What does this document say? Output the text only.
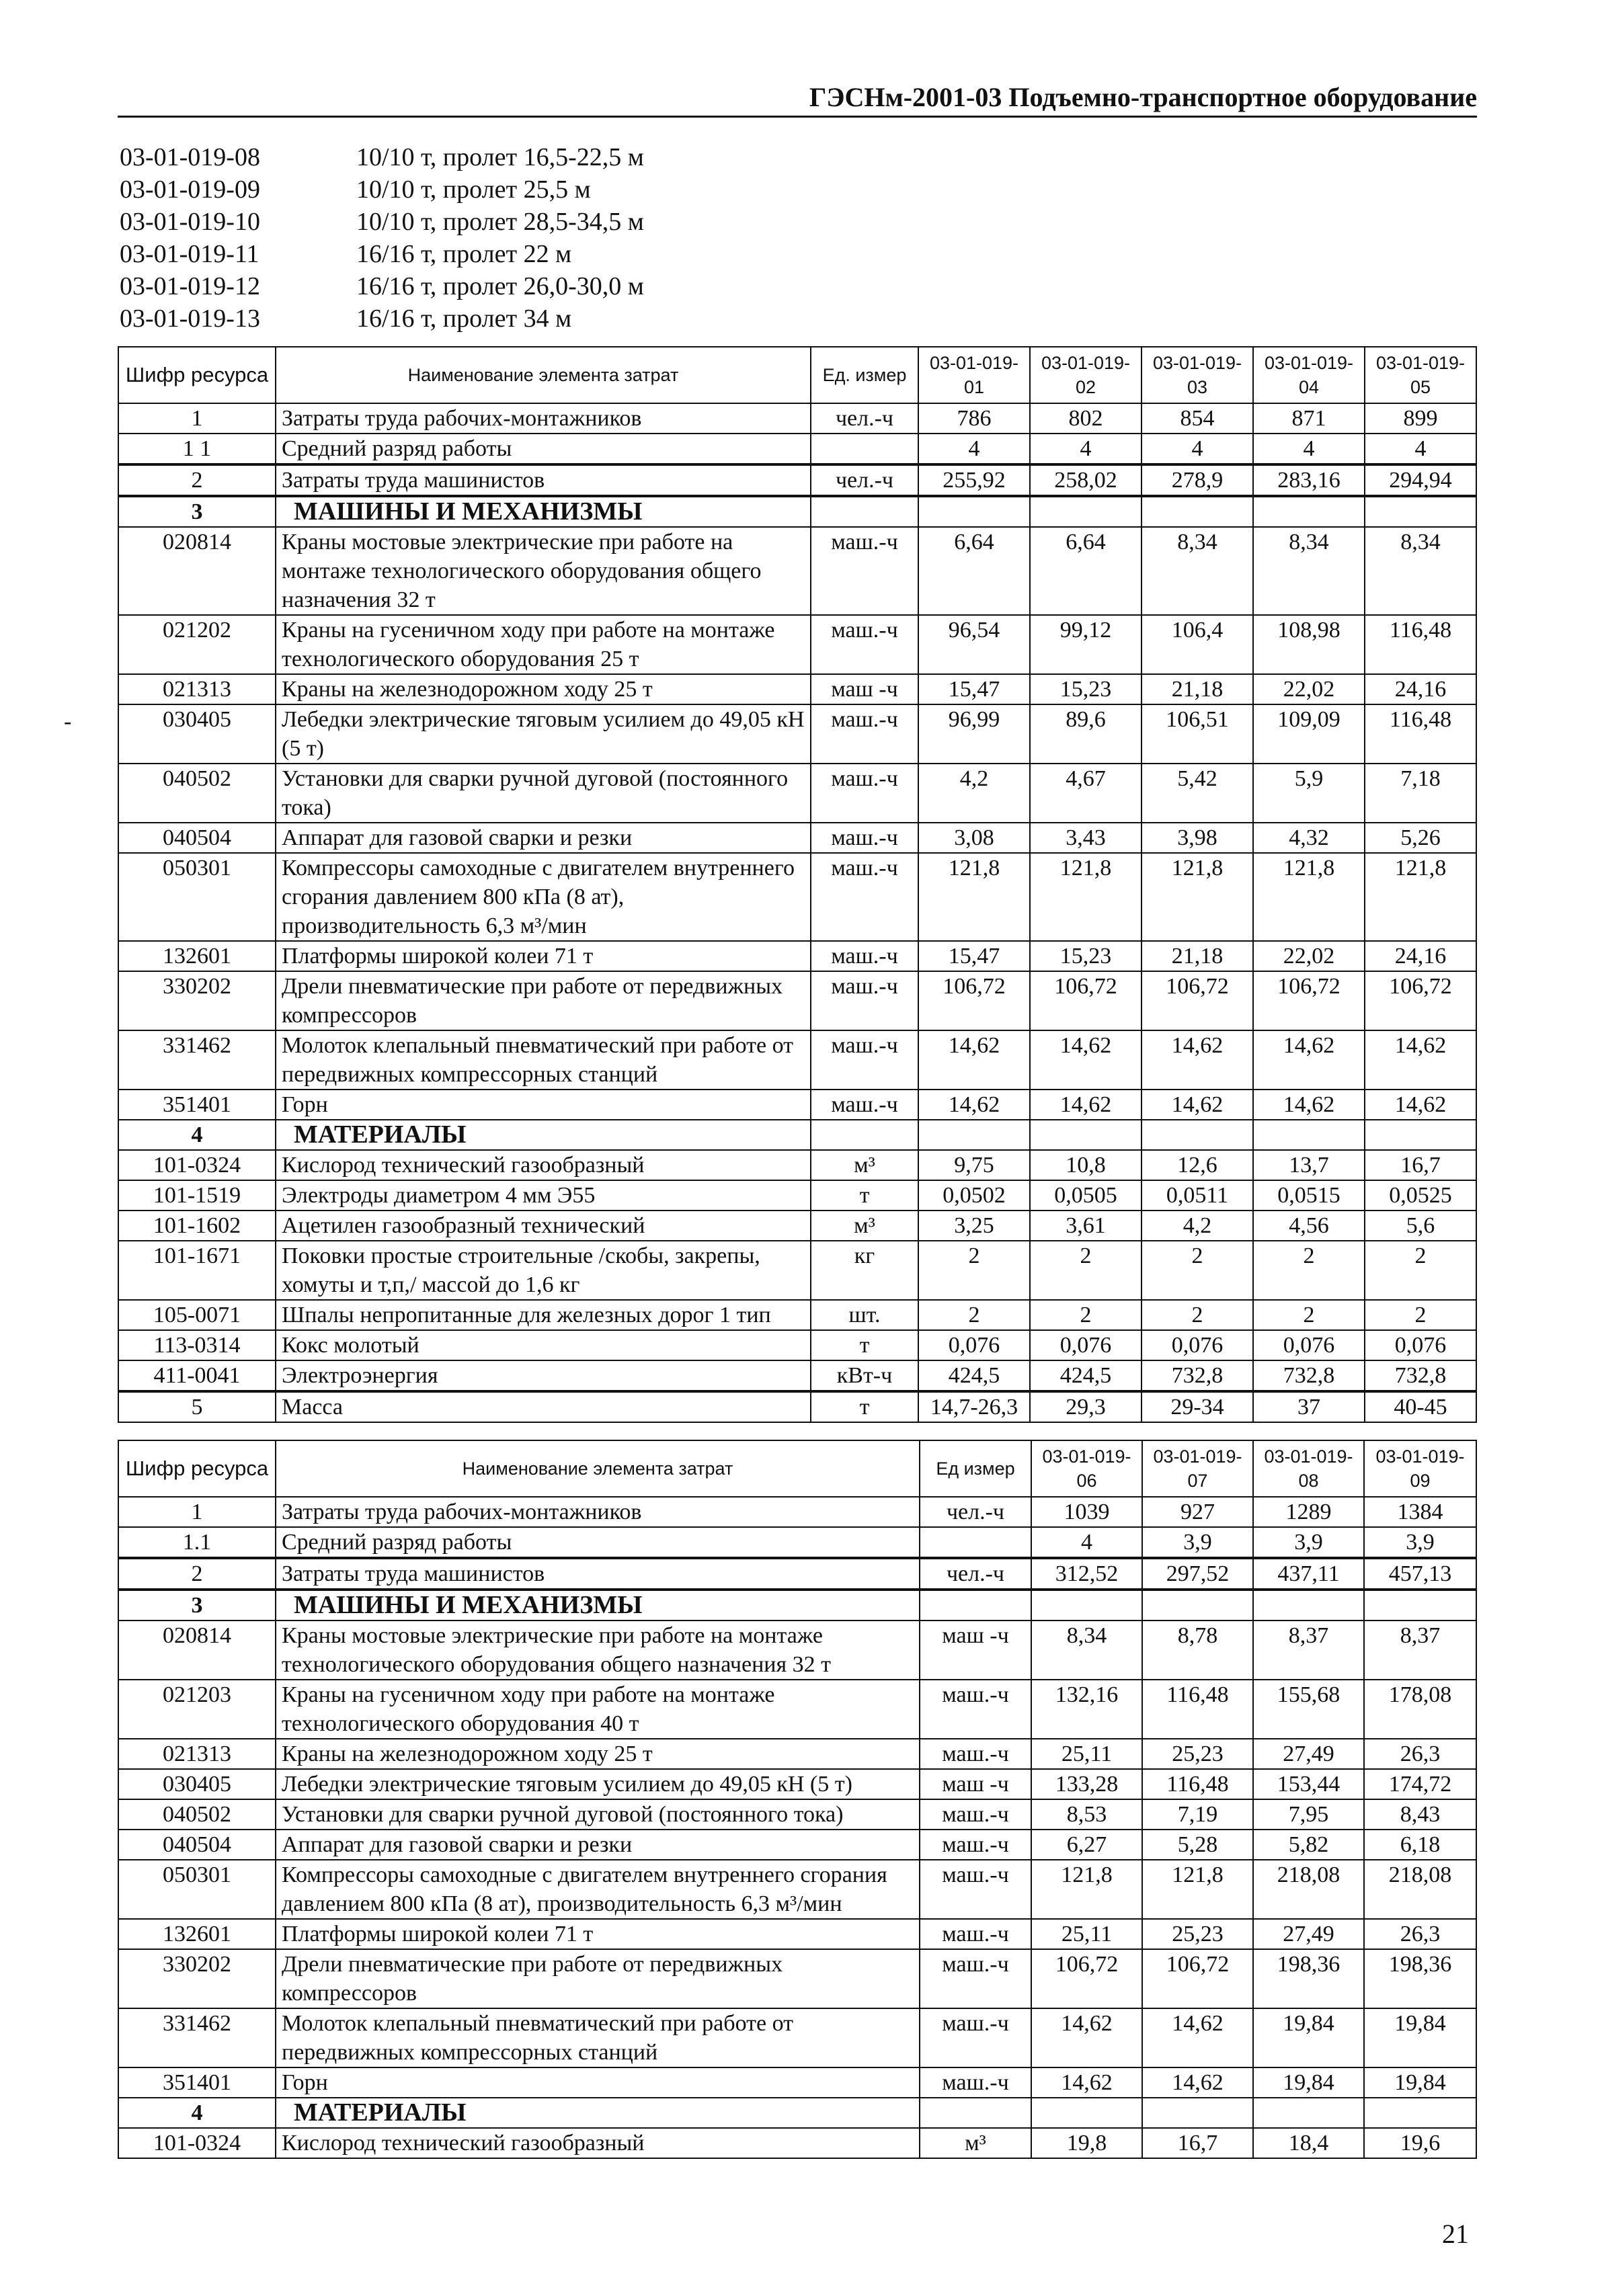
ГЭСНм-2001-03 Подъемно-транспортное оборудование
03-01-019-08	10/10 т, пролет 16,5-22,5 м
03-01-019-09	10/10 т, пролет 25,5 м
03-01-019-10	10/10 т, пролет 28,5-34,5 м
03-01-019-11	16/16 т, пролет 22 м
03-01-019-12	16/16 т, пролет 26,0-30,0 м
03-01-019-13	16/16 т, пролет 34 м
Шифр ресурса	Наименование элемента затрат	Ед. измер	03-01-019-01	03-01-019-02	03-01-019-03	03-01-019-04	03-01-019-05
1	Затраты труда рабочих-монтажников	чел.-ч	786	802	854	871	899
1 1	Средний разряд работы		4	4	4	4	4
2	Затраты труда машинистов	чел.-ч	255,92	258,02	278,9	283,16	294,94
3	МАШИНЫ И МЕХАНИЗМЫ						
020814	Краны мостовые электрические при работе на монтаже технологического оборудования общего назначения 32 т	маш.-ч	6,64	6,64	8,34	8,34	8,34
021202	Краны на гусеничном ходу при работе на монтаже технологического оборудования 25 т	маш.-ч	96,54	99,12	106,4	108,98	116,48
021313	Краны на железнодорожном ходу 25 т	маш -ч	15,47	15,23	21,18	22,02	24,16
030405	Лебедки электрические тяговым усилием до 49,05 кН (5 т)	маш.-ч	96,99	89,6	106,51	109,09	116,48
040502	Установки для сварки ручной дуговой (постоянного тока)	маш.-ч	4,2	4,67	5,42	5,9	7,18
040504	Аппарат для газовой сварки и резки	маш.-ч	3,08	3,43	3,98	4,32	5,26
050301	Компрессоры самоходные с двигателем внутреннего сгорания давлением 800 кПа (8 ат), производительность 6,3 м³/мин	маш.-ч	121,8	121,8	121,8	121,8	121,8
132601	Платформы широкой колеи 71 т	маш.-ч	15,47	15,23	21,18	22,02	24,16
330202	Дрели пневматические при работе от передвижных компрессоров	маш.-ч	106,72	106,72	106,72	106,72	106,72
331462	Молоток клепальный пневматический при работе от передвижных компрессорных станций	маш.-ч	14,62	14,62	14,62	14,62	14,62
351401	Горн	маш.-ч	14,62	14,62	14,62	14,62	14,62
4	МАТЕРИАЛЫ						
101-0324	Кислород технический газообразный	м³	9,75	10,8	12,6	13,7	16,7
101-1519	Электроды диаметром 4 мм Э55	т	0,0502	0,0505	0,0511	0,0515	0,0525
101-1602	Ацетилен газообразный технический	м³	3,25	3,61	4,2	4,56	5,6
101-1671	Поковки простые строительные /скобы, закрепы, хомуты и т,п,/ массой до 1,6 кг	кг	2	2	2	2	2
105-0071	Шпалы непропитанные для железных дорог 1 тип	шт.	2	2	2	2	2
113-0314	Кокс молотый	т	0,076	0,076	0,076	0,076	0,076
411-0041	Электроэнергия	кВт-ч	424,5	424,5	732,8	732,8	732,8
5	Масса	т	14,7-26,3	29,3	29-34	37	40-45
Шифр ресурса	Наименование элемента затрат	Ед измер	03-01-019-06	03-01-019-07	03-01-019-08	03-01-019-09
1	Затраты труда рабочих-монтажников	чел.-ч	1039	927	1289	1384
1.1	Средний разряд работы		4	3,9	3,9	3,9
2	Затраты труда машинистов	чел.-ч	312,52	297,52	437,11	457,13
3	МАШИНЫ И МЕХАНИЗМЫ					
020814	Краны мостовые электрические при работе на монтаже технологического оборудования общего назначения 32 т	маш -ч	8,34	8,78	8,37	8,37
021203	Краны на гусеничном ходу при работе на монтаже технологического оборудования 40 т	маш.-ч	132,16	116,48	155,68	178,08
021313	Краны на железнодорожном ходу 25 т	маш.-ч	25,11	25,23	27,49	26,3
030405	Лебедки электрические тяговым усилием до 49,05 кН (5 т)	маш -ч	133,28	116,48	153,44	174,72
040502	Установки для сварки ручной дуговой (постоянного тока)	маш.-ч	8,53	7,19	7,95	8,43
040504	Аппарат для газовой сварки и резки	маш.-ч	6,27	5,28	5,82	6,18
050301	Компрессоры самоходные с двигателем внутреннего сгорания давлением 800 кПа (8 ат), производительность 6,3 м³/мин	маш.-ч	121,8	121,8	218,08	218,08
132601	Платформы широкой колеи 71 т	маш.-ч	25,11	25,23	27,49	26,3
330202	Дрели пневматические при работе от передвижных компрессоров	маш.-ч	106,72	106,72	198,36	198,36
331462	Молоток клепальный пневматический при работе от передвижных компрессорных станций	маш.-ч	14,62	14,62	19,84	19,84
351401	Горн	маш.-ч	14,62	14,62	19,84	19,84
4	МАТЕРИАЛЫ					
101-0324	Кислород технический газообразный	м³	19,8	16,7	18,4	19,6
-
21
